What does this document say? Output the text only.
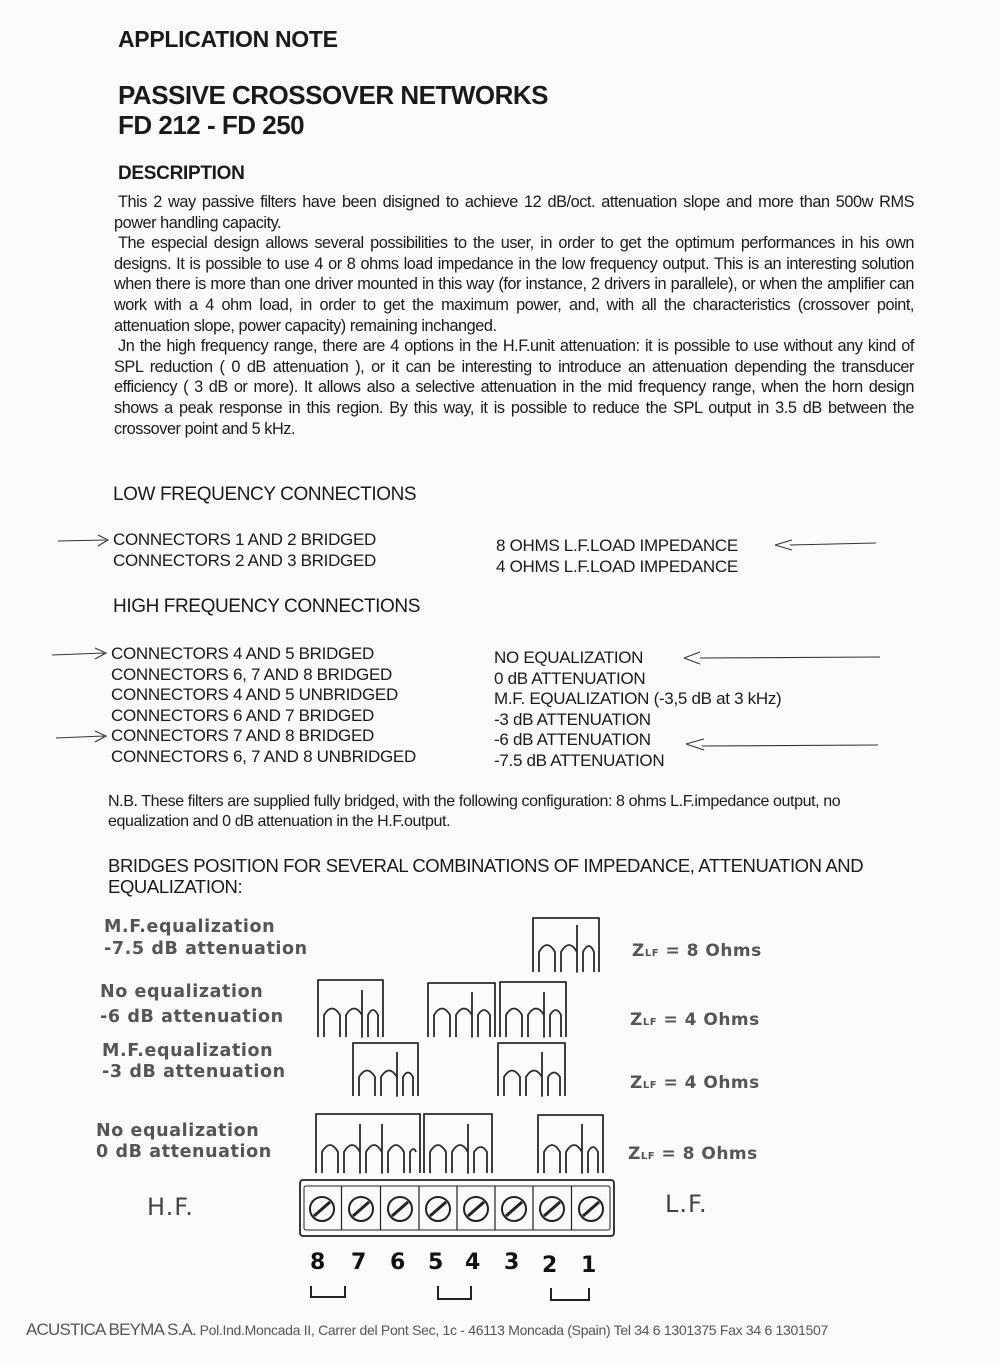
APPLICATION NOTE
PASSIVE CROSSOVER NETWORKS
FD 212 - FD 250
DESCRIPTION

This 2 way passive filters have been disigned to achieve 12 dB/oct. attenuation slope and more than 500w RMS power handling capacity.

The especial design allows several possibilities to the user, in order to get the optimum performances in his own designs. It is possible to use 4 or 8 ohms load impedance in the low frequency output. This is an interesting solution when there is more than one driver mounted in this way (for instance, 2 drivers in parallele), or when the amplifier can work with a 4 ohm load, in order to get the maximum power, and, with all the characteristics (crossover point, attenuation slope, power capacity) remaining inchanged.

Jn the high frequency range, there are 4 options in the H.F.unit attenuation: it is possible to use without any kind of SPL reduction ( 0 dB attenuation ), or it can be interesting to introduce an attenuation depending the transducer efficiency ( 3 dB or more). It allows also a selective attenuation in the mid frequency range, when the horn design shows a peak response in this region. By this way, it is possible to reduce the SPL output in 3.5 dB between the crossover point and 5 kHz.

LOW FREQUENCY CONNECTIONS
CONNECTORS 1 AND 2 BRIDGED
CONNECTORS 2 AND 3 BRIDGED
8 OHMS L.F.LOAD IMPEDANCE
4 OHMS L.F.LOAD IMPEDANCE
HIGH FREQUENCY CONNECTIONS
CONNECTORS 4 AND 5 BRIDGED
CONNECTORS 6, 7 AND 8 BRIDGED
CONNECTORS 4 AND 5 UNBRIDGED
CONNECTORS 6 AND 7 BRIDGED
CONNECTORS 7 AND 8 BRIDGED
CONNECTORS 6, 7 AND 8 UNBRIDGED
NO EQUALIZATION
0 dB ATTENUATION
M.F. EQUALIZATION (-3,5 dB at 3 kHz)
-3 dB ATTENUATION
-6 dB ATTENUATION
-7.5 dB ATTENUATION
N.B. These filters are supplied fully bridged, with the following configuration: 8 ohms L.F.impedance output, no equalization and 0 dB attenuation in the H.F.output.
BRIDGES POSITION FOR SEVERAL COMBINATIONS OF IMPEDANCE, ATTENUATION AND EQUALIZATION:
M.F.equalization
-7.5 dB attenuation
No equalization
-6 dB attenuation
M.F.equalization
-3 dB attenuation
No equalization
0 dB attenuation
ZLF = 8 Ohms
ZLF = 4 Ohms
ZLF = 4 Ohms
ZLF = 8 Ohms
H.F.	L.F.
8 7 6 5 4 3 2 1
ACUSTICA BEYMA S.A. Pol.Ind.Moncada II, Carrer del Pont Sec, 1c - 46113 Moncada (Spain) Tel 34 6 1301375 Fax 34 6 1301507
